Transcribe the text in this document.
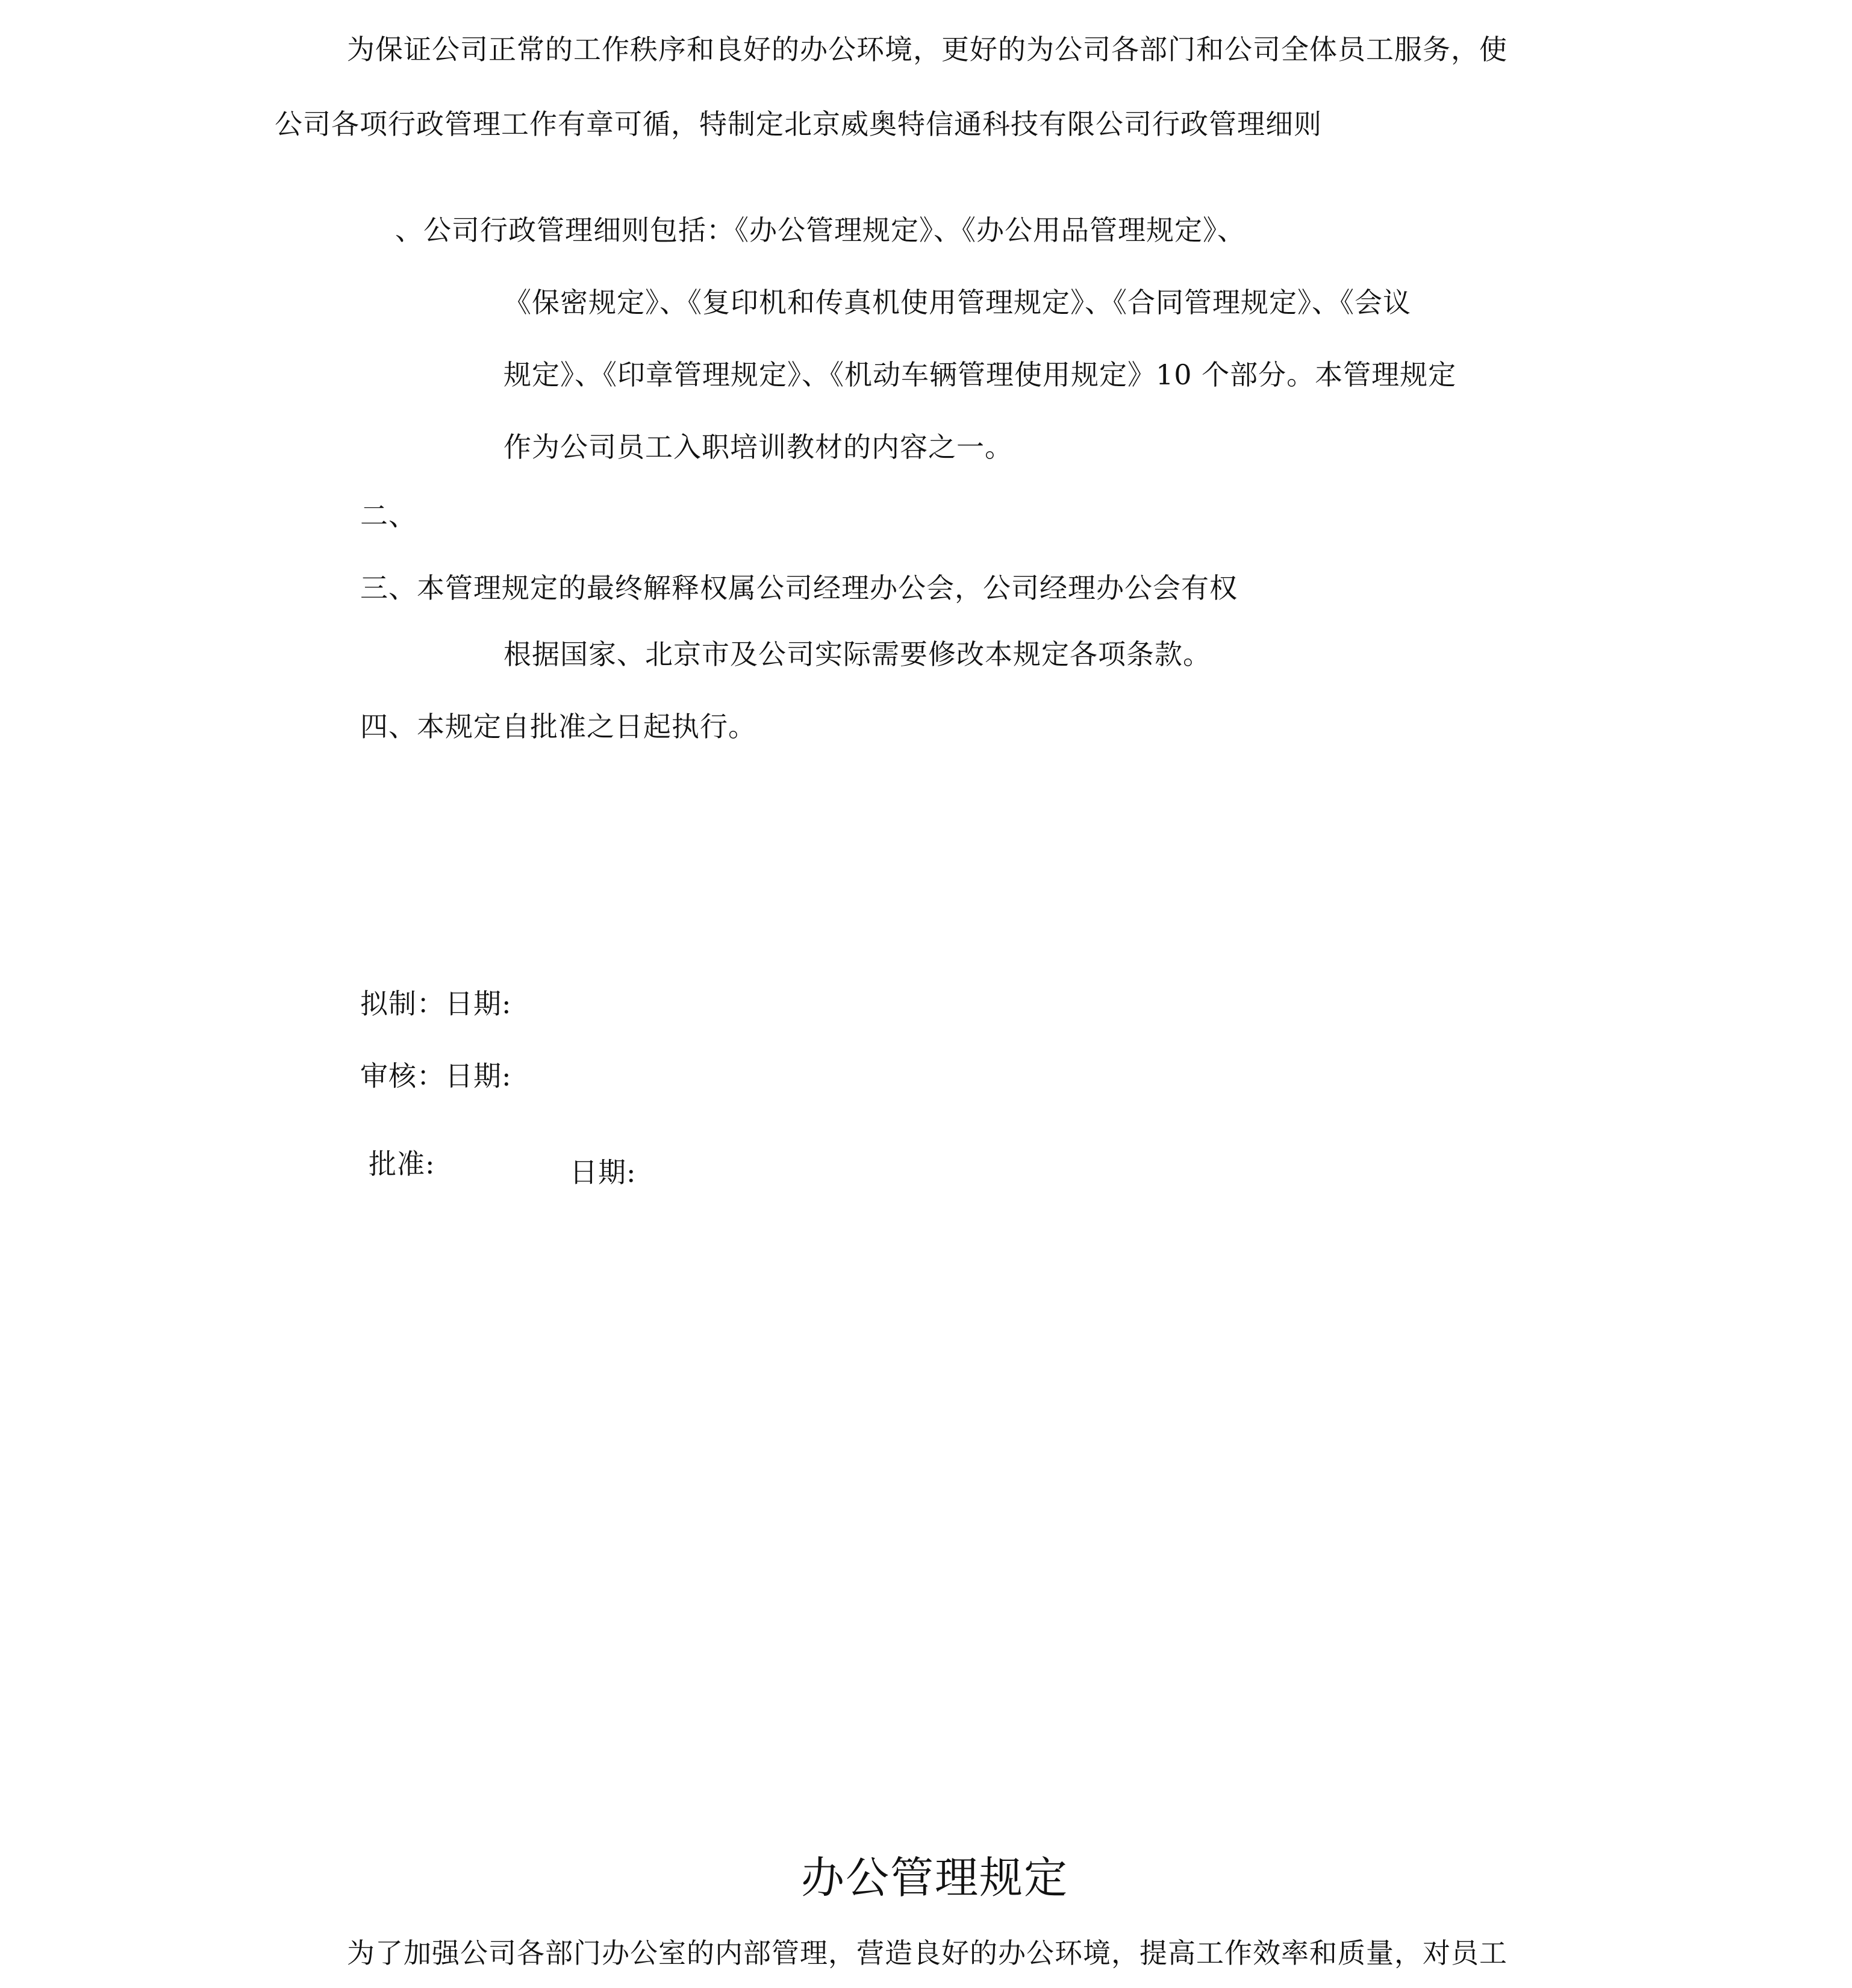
为保证公司正常的工作秩序和良好的办公环境，更好的为公司各部门和公司全体员工服务，使
公司各项行政管理工作有章可循，特制定北京威奥特信通科技有限公司行政管理细则
、公司行政管理细则包括：《办公管理规定》、《办公用品管理规定》、
《保密规定》、《复印机和传真机使用管理规定》、《合同管理规定》、《会议
规定》、《印章管理规定》、《机动车辆管理使用规定》10 个部分。本管理规定
作为公司员工入职培训教材的内容之一。
二、
三、本管理规定的最终解释权属公司经理办公会，公司经理办公会有权
根据国家、北京市及公司实际需要修改本规定各项条款。
四、本规定自批准之日起执行。
拟制：日期:
审核：日期:
批准:	日期:
办公管理规定
为了加强公司各部门办公室的内部管理，营造良好的办公环境，提高工作效率和质量，对员工
